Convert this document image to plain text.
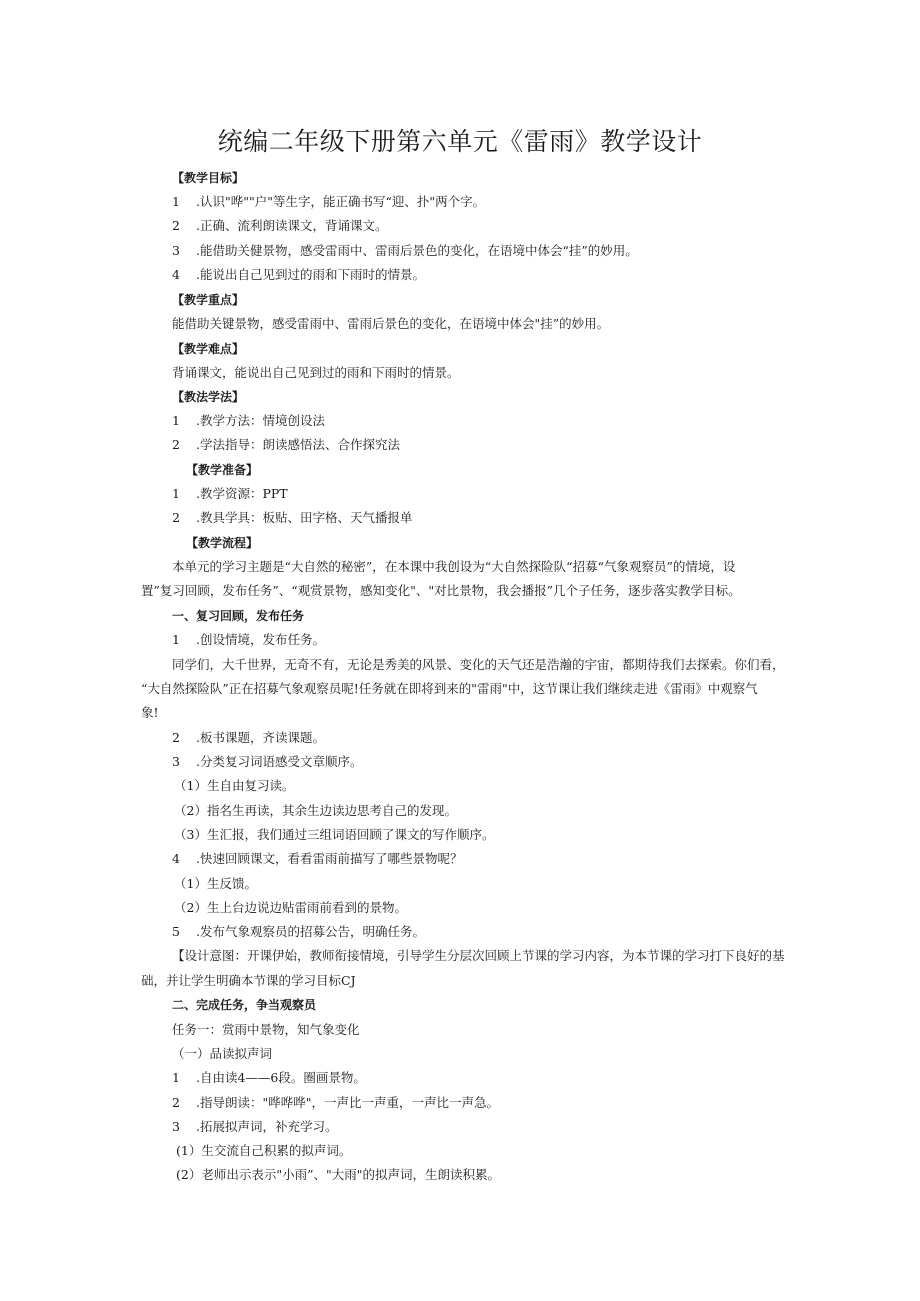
统编二年级下册第六单元《雷雨》教学设计
【教学目标】
1 .认识"哗""户"等生字，能正确书写“迎、扑"两个字。
2 .正确、流利朗读课文，背诵课文。
3 .能借助关健景物，感受雷雨中、雷雨后景色的变化，在语境中体会“挂”的妙用。
4 .能说出自己见到过的雨和下雨时的情景。
【教学重点】
能借助关键景物，感受雷雨中、雷雨后景色的变化，在语境中体会"挂”的妙用。
【教学难点】
背诵课文，能说出自己见到过的雨和下雨时的情景。
【教法学法】
1 .教学方法：情境创设法
2 .学法指导：朗读感悟法、合作探究法
【教学准备】
1 .教学资源：PPT
2 .教具学具：板贴、田字格、天气播报单
【教学流程】
本单元的学习主题是“大自然的秘密”，在本课中我创设为“大自然探险队“招募“气象观察员”的情境，设
置”复习回顾，发布任务”、“观赏景物，感知变化"、"对比景物，我会播报”几个子任务，逐步落实教学目标。
一、复习回顾，发布任务
1 .创设情境，发布任务。
同学们，大千世界，无奇不有，无论是秀美的风景、变化的天气还是浩瀚的宇宙，都期待我们去探索。你们看，
“大自然探险队”正在招募气象观察员呢!任务就在即将到来的"雷雨"中，这节课让我们继续走进《雷雨》中观察气
象!
2 .板书课题，齐读课题。
3 .分类复习词语感受文章顺序。
（1）生自由复习读。
（2）指名生再读，其余生边读边思考自己的发现。
（3）生汇报，我们通过三组词语回顾了课文的写作顺序。
4 .快速回顾课文，看看雷雨前描写了哪些景物呢？
（1）生反馈。
（2）生上台边说边贴雷雨前看到的景物。
5 .发布气象观察员的招募公告，明确任务。
【设计意图：开课伊始，教师衔接情境，引导学生分层次回顾上节课的学习内容，为本节课的学习打下良好的基
础，并让学生明确本节课的学习目标CJ
二、完成任务，争当观察员
任务一：赏雨中景物，知气象变化
（一）品读拟声词
1 .自由读4——6段。圈画景物。
2 .指导朗读："哗哗哗"，一声比一声重，一声比一声急。
3 .拓展拟声词，补充学习。
(1）生交流自己积累的拟声词。
(2）老师出示表示"小雨”、"大雨"的拟声词，生朗读积累。
